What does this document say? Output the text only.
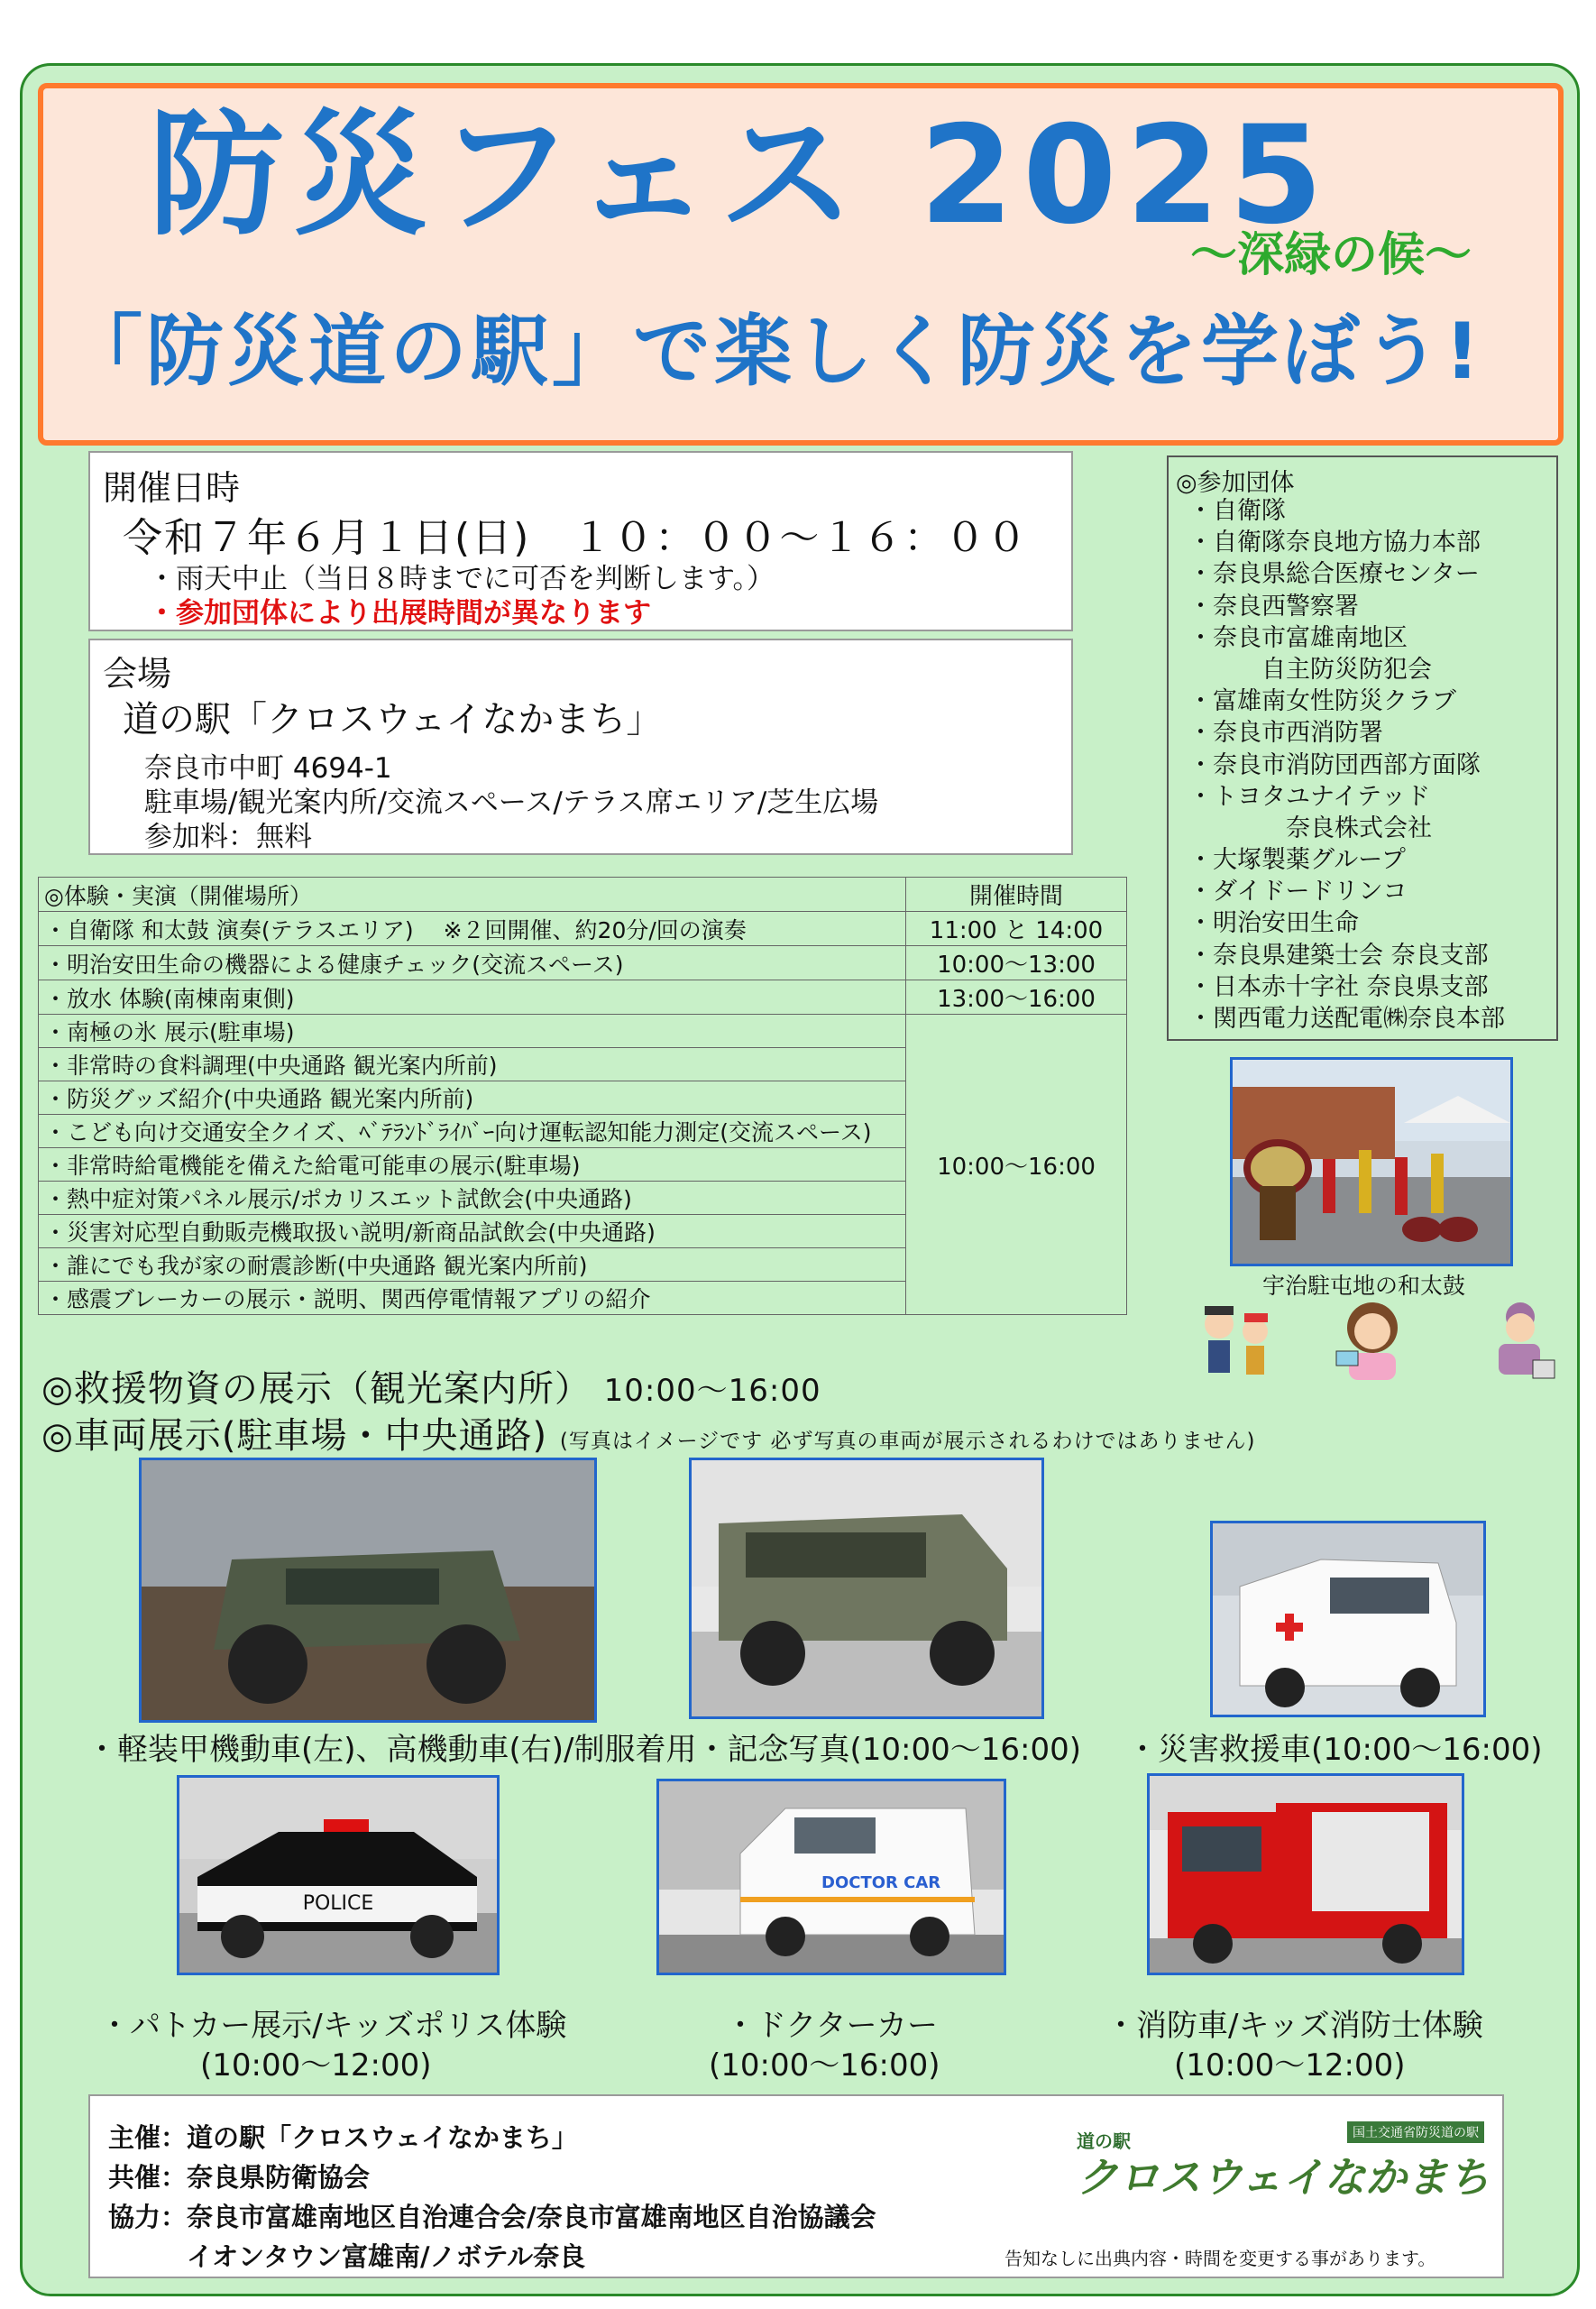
防災フェス 2025
～深緑の候～
「防災道の駅」で楽しく防災を学ぼう!
開催日時
令和７年６月１日(日)　１０：００～１６：００
・雨天中止（当日８時までに可否を判断します。）
・参加団体により出展時間が異なります
会場
道の駅「クロスウェイなかまち」
奈良市中町 4694-1
駐車場/観光案内所/交流スペース/テラス席エリア/芝生広場
参加料：無料
◎参加団体
・自衛隊
・自衛隊奈良地方協力本部
・奈良県総合医療センター
・奈良西警察署
・奈良市富雄南地区
　　　自主防災防犯会
・富雄南女性防災クラブ
・奈良市西消防署
・奈良市消防団西部方面隊
・トヨタユナイテッド
　　　　奈良株式会社
・大塚製薬グループ
・ダイドードリンコ
・明治安田生命
・奈良県建築士会 奈良支部
・日本赤十字社 奈良県支部
・関西電力送配電㈱奈良本部
◎体験・実演（開催場所）	開催時間
・自衛隊 和太鼓 演奏(テラスエリア)　 ※２回開催、約20分/回の演奏	11:00 と 14:00
・明治安田生命の機器による健康チェック(交流スペース)	10:00～13:00
・放水 体験(南棟南東側)	13:00～16:00
・南極の氷 展示(駐車場)	10:00～16:00
・非常時の食料調理(中央通路 観光案内所前)	
・防災グッズ紹介(中央通路 観光案内所前)	
・こども向け交通安全クイズ、ﾍﾞﾃﾗﾝﾄﾞﾗｲﾊﾞｰ向け運転認知能力測定(交流スペース)	
・非常時給電機能を備えた給電可能車の展示(駐車場)	
・熱中症対策パネル展示/ポカリスエット試飲会(中央通路)	
・災害対応型自動販売機取扱い説明/新商品試飲会(中央通路)	
・誰にでも我が家の耐震診断(中央通路 観光案内所前)	
・感震ブレーカーの展示・説明、関西停電情報アプリの紹介	
宇治駐屯地の和太鼓
◎救援物資の展示（観光案内所） 10:00～16:00
◎車両展示(駐車場・中央通路) (写真はイメージです 必ず写真の車両が展示されるわけではありません)
・軽装甲機動車(左)、高機動車(右)/制服着用・記念写真(10:00～16:00) ・災害救援車(10:00～16:00)
POLICE
DOCTOR CAR
・パトカー展示/キッズポリス体験
(10:00～12:00)
・ドクターカー
(10:00～16:00)
・消防車/キッズ消防士体験
(10:00～12:00)
主催：道の駅「クロスウェイなかまち」
共催：奈良県防衛協会
協力：奈良市富雄南地区自治連合会/奈良市富雄南地区自治協議会
　　　イオンタウン富雄南/ノボテル奈良
道の駅	国土交通省防災道の駅
クロスウェイなかまち
告知なしに出典内容・時間を変更する事があります。
